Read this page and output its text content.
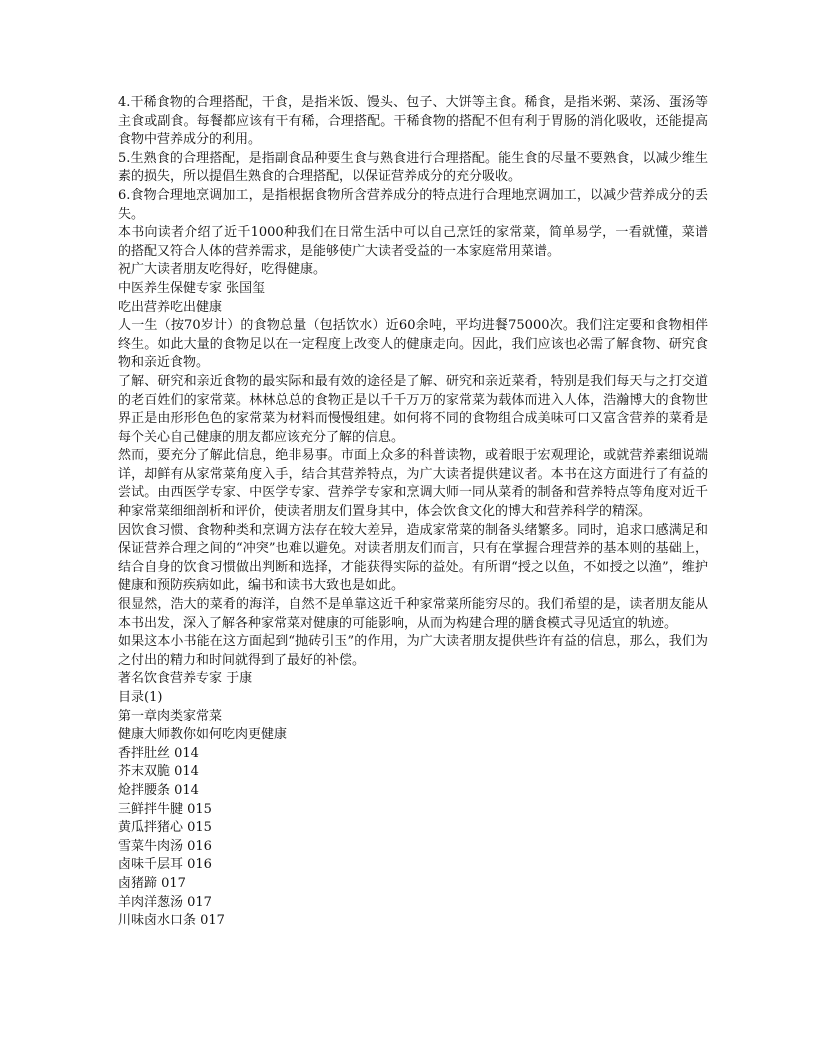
4.干稀食物的合理搭配，干食，是指米饭、馒头、包子、大饼等主食。稀食，是指米粥、菜汤、蛋汤等主食或副食。每餐都应该有干有稀，合理搭配。干稀食物的搭配不但有利于胃肠的消化吸收，还能提高食物中营养成分的利用。

5.生熟食的合理搭配，是指副食品种要生食与熟食进行合理搭配。能生食的尽量不要熟食，以减少维生素的损失，所以提倡生熟食的合理搭配，以保证营养成分的充分吸收。

6.食物合理地烹调加工，是指根据食物所含营养成分的特点进行合理地烹调加工，以减少营养成分的丢失。

本书向读者介绍了近千1000种我们在日常生活中可以自己烹饪的家常菜，简单易学，一看就懂，菜谱的搭配又符合人体的营养需求，是能够使广大读者受益的一本家庭常用菜谱。

祝广大读者朋友吃得好，吃得健康。

中医养生保健专家 张国玺

吃出营养吃出健康

人一生（按70岁计）的食物总量（包括饮水）近60余吨，平均进餐75000次。我们注定要和食物相伴终生。如此大量的食物足以在一定程度上改变人的健康走向。因此，我们应该也必需了解食物、研究食物和亲近食物。

了解、研究和亲近食物的最实际和最有效的途径是了解、研究和亲近菜肴，特别是我们每天与之打交道的老百姓们的家常菜。林林总总的食物正是以千千万万的家常菜为载体而进入人体，浩瀚博大的食物世界正是由形形色色的家常菜为材料而慢慢组建。如何将不同的食物组合成美味可口又富含营养的菜肴是每个关心自己健康的朋友都应该充分了解的信息。

然而，要充分了解此信息，绝非易事。市面上众多的科普读物，或着眼于宏观理论，或就营养素细说端详，却鲜有从家常菜角度入手，结合其营养特点，为广大读者提供建议者。本书在这方面进行了有益的尝试。由西医学专家、中医学专家、营养学专家和烹调大师一同从菜肴的制备和营养特点等角度对近千种家常菜细细剖析和评价，使读者朋友们置身其中，体会饮食文化的博大和营养科学的精深。

因饮食习惯、食物种类和烹调方法存在较大差异，造成家常菜的制备头绪繁多。同时，追求口感满足和保证营养合理之间的“冲突”也难以避免。对读者朋友们而言，只有在掌握合理营养的基本则的基础上，结合自身的饮食习惯做出判断和选择，才能获得实际的益处。有所谓“授之以鱼，不如授之以渔”，维护健康和预防疾病如此，编书和读书大致也是如此。

很显然，浩大的菜肴的海洋，自然不是单靠这近千种家常菜所能穷尽的。我们希望的是，读者朋友能从本书出发，深入了解各种家常菜对健康的可能影响，从而为构建合理的膳食模式寻见适宜的轨迹。

如果这本小书能在这方面起到“抛砖引玉”的作用，为广大读者朋友提供些许有益的信息，那么，我们为之付出的精力和时间就得到了最好的补偿。

著名饮食营养专家 于康

目录(1)

第一章肉类家常菜

健康大师教你如何吃肉更健康

香拌肚丝 014

芥末双脆 014

炝拌腰条 014

三鲜拌牛腱 015

黄瓜拌猪心 015

雪菜牛肉汤 016

卤味千层耳 016

卤猪蹄 017

羊肉洋葱汤 017

川味卤水口条 017
